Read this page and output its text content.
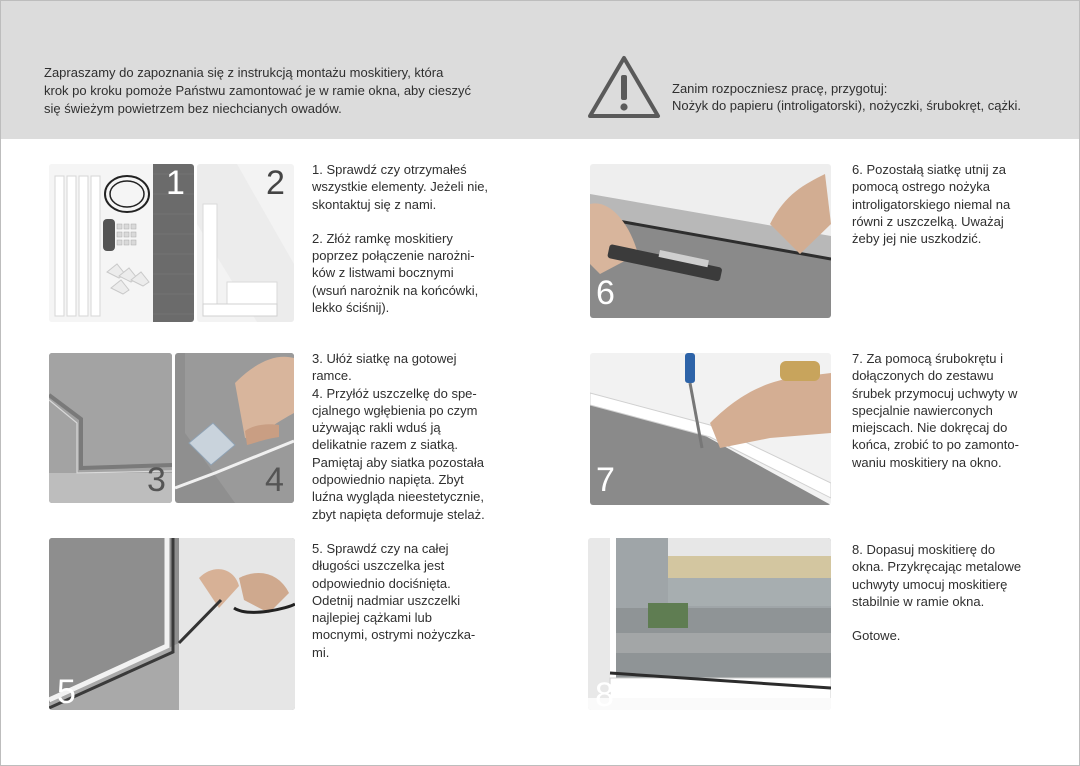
Zapraszamy do zapoznania się z instrukcją montażu moskitiery, która
krok po kroku pomoże Państwu zamontować je w ramie okna, aby cieszyć
się świeżym powietrzem bez niechcianych owadów.
Zanim rozpoczniesz pracę, przygotuj:
Nożyk do papieru (introligatorski), nożyczki, śrubokręt, cążki.
1 2
3	4
5
6
7
8
1. Sprawdź czy otrzymałeś
wszystkie elementy. Jeżeli nie,
skontaktuj się z nami.
2. Złóż ramkę moskitiery
poprzez połączenie narożni-
ków z listwami bocznymi
(wsuń narożnik na końcówki,
lekko ściśnij).
3. Ułóż siatkę na gotowej
ramce.
4. Przyłóż uszczelkę do spe-
cjalnego wgłębienia po czym
używając rakli wduś ją
delikatnie razem z siatką.
Pamiętaj aby siatka pozostała
odpowiednio napięta. Zbyt
luźna wygląda nieestetycznie,
zbyt napięta deformuje stelaż.
5. Sprawdź czy na całej
długości uszczelka jest
odpowiednio dociśnięta.
Odetnij nadmiar uszczelki
najlepiej cążkami lub
mocnymi, ostrymi nożyczka-
mi.
6. Pozostałą siatkę utnij za
pomocą ostrego nożyka
introligatorskiego niemal na
równi z uszczelką. Uważaj
żeby jej nie uszkodzić.
7. Za pomocą śrubokrętu i
dołączonych do zestawu
śrubek przymocuj uchwyty w
specjalnie nawierconych
miejscach. Nie dokręcaj do
końca, zrobić to po zamonto-
waniu moskitiery na okno.
8. Dopasuj moskitierę do
okna. Przykręcając metalowe
uchwyty umocuj moskitierę
stabilnie w ramie okna.
Gotowe.
